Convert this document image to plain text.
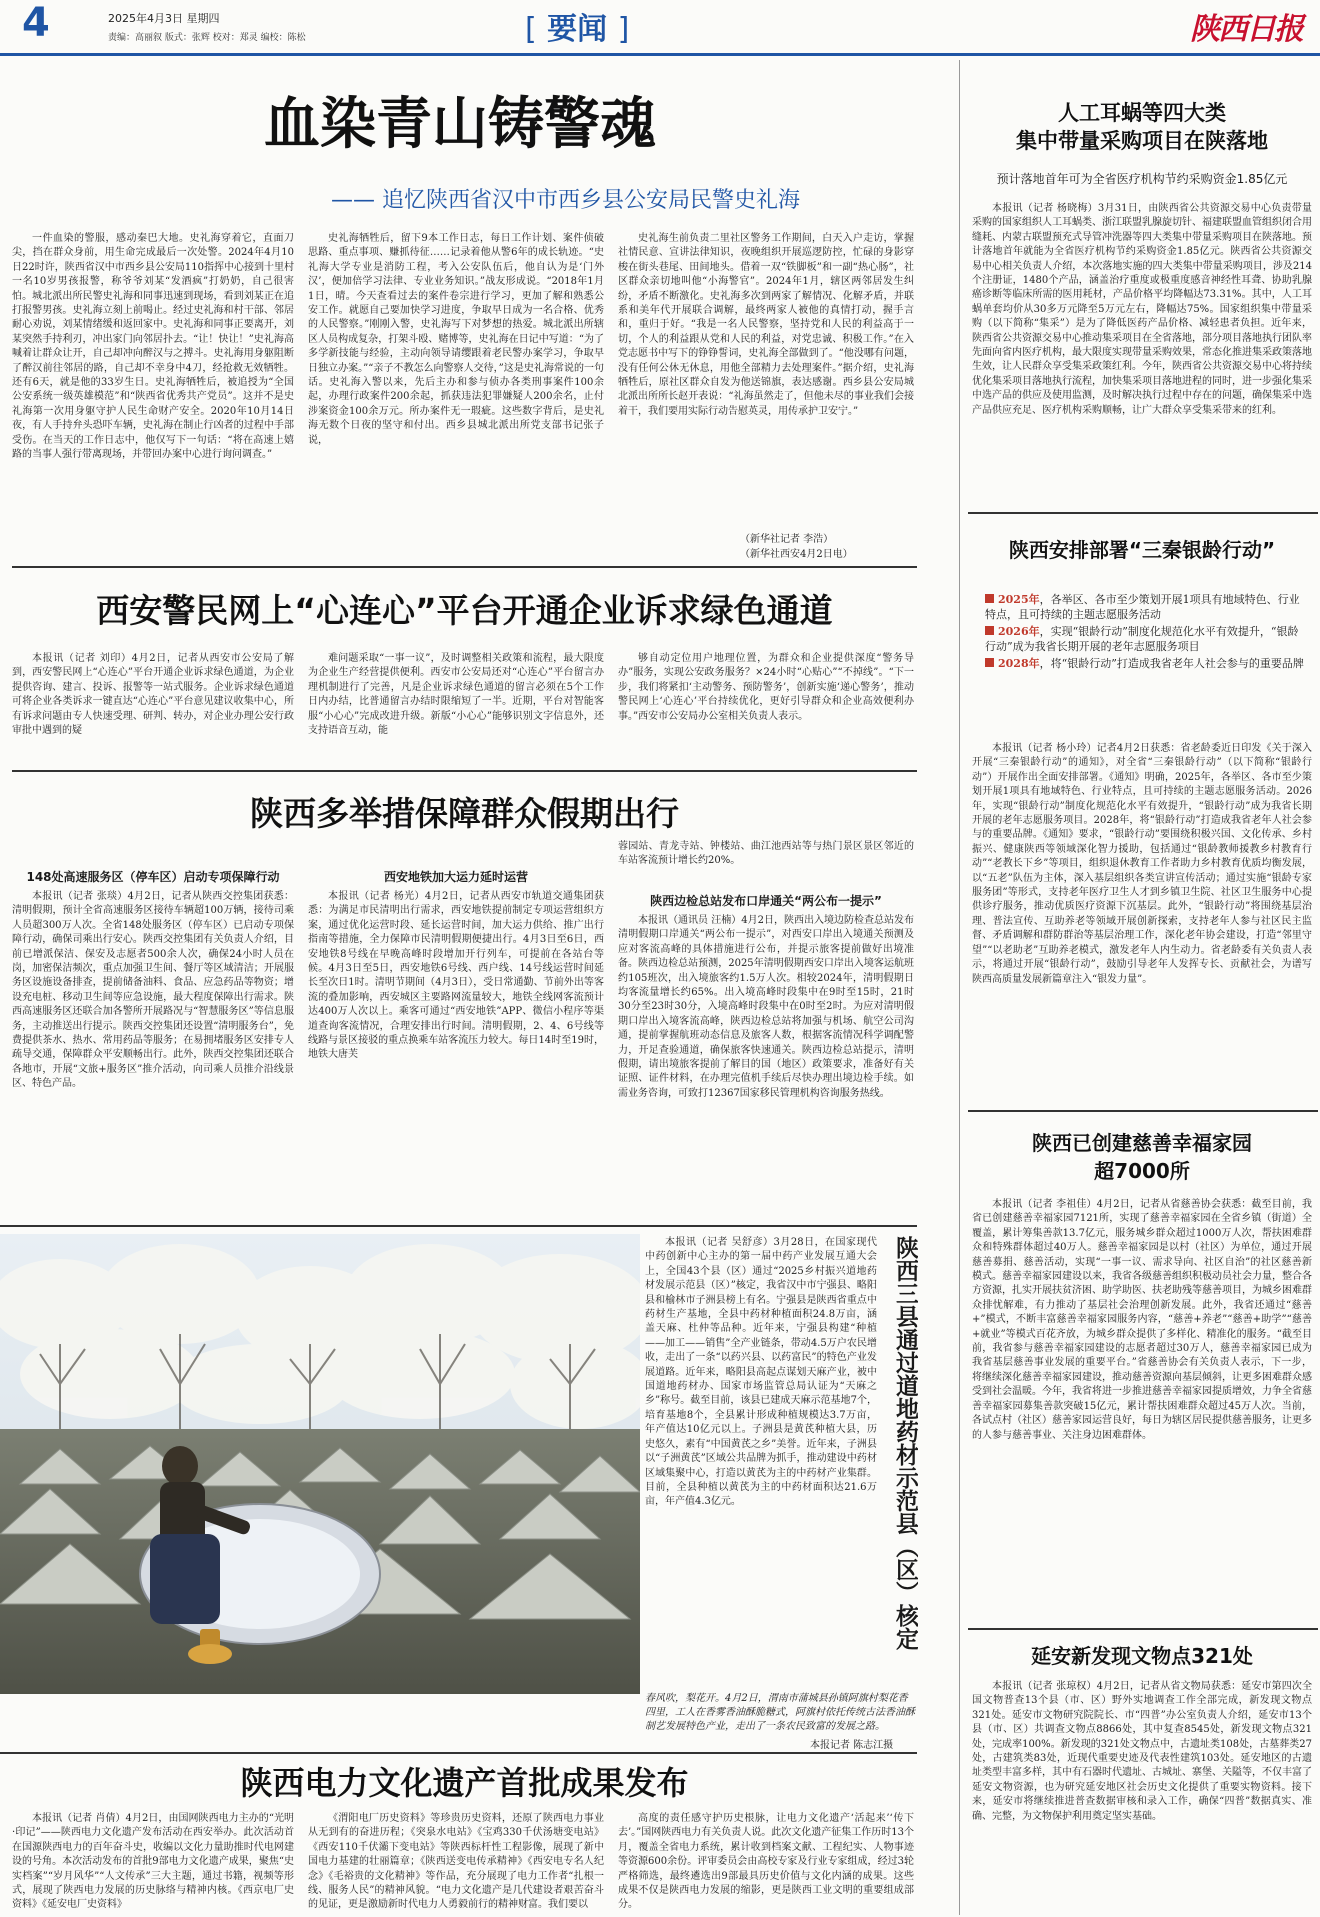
4	2025年4月3日 星期四
责编：高丽叙 版式：张辉 校对：郑灵 编校：陈松	[ 要闻 ]	陕西日报
血染青山铸警魂
—— 追忆陕西省汉中市西乡县公安局民警史礼海

一件血染的警服，感动秦巴大地。史礼海穿着它，直面刀尖，挡在群众身前，用生命完成最后一次处警。2024年4月10日22时许，陕西省汉中市西乡县公安局110指挥中心接到十里村一名10岁男孩报警，称爷爷刘某“发酒疯”打奶奶，自己很害怕。城北派出所民警史礼海和同事迅速到现场，看到刘某正在追打报警男孩。史礼海立刻上前喝止。经过史礼海和村干部、邻居耐心劝说，刘某情绪缓和返回家中。史礼海和同事正要离开，刘某突然手持利刃，冲出家门向邻居扑去。“让！快让！”史礼海高喊着让群众让开，自己却冲向醉汉与之搏斗。史礼海用身躯阻断了醉汉前往邻居的路，自己却不幸身中4刀，经抢救无效牺牲。还有6天，就是他的33岁生日。史礼海牺牲后，被追授为“全国公安系统一级英雄模范”和“陕西省优秀共产党员”。这并不是史礼海第一次用身躯守护人民生命财产安全。2020年10月14日夜，有人手持弁头恐吓车辆，史礼海在制止行凶者的过程中手部受伤。在当天的工作日志中，他仅写下一句话：“将在高速上嬉路的当事人强行带离现场，并带回办案中心进行询问调查。”

史礼海牺牲后，留下9本工作日志，每日工作计划、案件侦破思路、重点事项、赚抓待征……记录着他从警6年的成长轨迹。“史礼海大学专业是消防工程，考入公安队伍后，他自认为是‘门外汉’，便加倍学习法律、专业业务知识。”战友形成说。“2018年1月1日，晴。今天查看过去的案件卷宗进行学习，更加了解和熟悉公安工作。就愿自己要加快学习进度，争取早日成为一名合格、优秀的人民警察。”刚刚入警，史礼海写下对梦想的热爱。城北派出所辖区人员构成复杂，打架斗殴、赌博等，史礼海在日记中写道：“为了多学新技能与经验，主动向领导请缨跟着老民警办案学习，争取早日独立办案。”“亲子不教怎么向警察人交待，”这是史礼海常说的一句话。史礼海入警以来，先后主办和参与侦办各类刑事案件100余起，办理行政案件200余起，抓获违法犯罪嫌疑人200余名，止付涉案资金100余万元。所办案件无一瑕疵。这些数字背后，是史礼海无数个日夜的坚守和付出。西乡县城北派出所党支部书记张子说，

史礼海生前负责二里社区警务工作期间，白天入户走访，掌握社情民意、宣讲法律知识，夜晚组织开展巡逻防控，忙碌的身影穿梭在街头巷尾、田间地头。借着一双“铁脚板”和一副“热心肠”，社区群众亲切地叫他“小海警官”。2024年1月，辖区两邻居发生纠纷，矛盾不断激化。史礼海多次到两家了解情况、化解矛盾，并联系和美年代开展联合调解，最终两家人被他的真情打动，握手言和，重归于好。“我是一名人民警察，坚持党和人民的利益高于一切，个人的利益跟从党和人民的利益，对党忠诚、积极工作。”在入党志愿书中写下的铮铮誓词，史礼海全部做到了。“他没哪有问题，没有任何公休无休息，用他全部精力去处理案件。”据介绍，史礼海牺牲后，原社区群众自发为他送锦旗，表达感谢。西乡县公安局城北派出所所长赵开表说：“礼海虽然走了，但他未尽的事业我们会接着干，我们要用实际行动告慰英灵，用传承护卫安宁。”

（新华社记者 李浩）
（新华社西安4月2日电）
西安警民网上“心连心”平台开通企业诉求绿色通道

本报讯（记者 刘印）4月2日，记者从西安市公安局了解到，西安警民网上“心连心”平台开通企业诉求绿色通道，为企业提供咨询、建言、投诉、报警等一站式服务。企业诉求绿色通道可将企业各类诉求一键直达“心连心”平台意见建议收集中心，所有诉求问题由专人快速受理、研判、转办，对企业办理公安行政审批中遇到的疑

难问题采取“一事一议”，及时调整相关政策和流程，最大限度为企业生产经营提供便利。西安市公安局还对“心连心”平台留言办理机制进行了完善，凡是企业诉求绿色通道的留言必须在5个工作日内办结，比普通留言办结时限缩短了一半。近期，平台对智能客服“小心心”完成改进升级。新版“小心心”能够识别文字信息外，还支持语音互动，能

够自动定位用户地理位置，为群众和企业提供深度“警务导办”服务，实现公安政务服务？×24小时“心贴心”“不掉线”。“下一步，我们将紧扣‘主动警务、预防警务’，创新实施‘递心警务’，推动警民网上‘心连心’平台持续优化，更好引导群众和企业高效便利办事。”西安市公安局办公室相关负责人表示。

陕西多举措保障群众假期出行
148处高速服务区（停车区）启动专项保障行动

本报讯（记者 张琰）4月2日，记者从陕西交控集团获悉：清明假期，预计全省高速服务区接待车辆超100万辆，接待司乘人员超300万人次。全省148处服务区（停车区）已启动专项保障行动，确保司乘出行安心。陕西交控集团有关负责人介绍，目前已增派保洁、保安及志愿者500余人次，确保24小时人员在岗，加密保洁频次，重点加强卫生间、餐厅等区域清洁；开展服务区设施设备排查，提前储备油料、食品、应急药品等物资；增设充电桩、移动卫生间等应急设施，最大程度保障出行需求。陕西高速服务区还联合加各警所开展路况与“智慧服务区”等信息服务，主动推送出行提示。陕西交控集团还设置“清明服务台”，免费提供茶水、热水、常用药品等服务；在易拥堵服务区安排专人疏导交通，保障群众平安顺畅出行。此外，陕西交控集团还联合各地市，开展“文旅+服务区”推介活动，向司乘人员推介沿线景区、特色产品。

西安地铁加大运力延时运营

本报讯（记者 杨光）4月2日，记者从西安市轨道交通集团获悉：为满足市民清明出行需求，西安地铁提前制定专项运营组织方案，通过优化运营时段、延长运营时间，加大运力供给、推广出行指南等措施，全力保障市民清明假期便捷出行。4月3日至6日，西安地铁8号线在早晚高峰时段增加开行列车，可提前在各站台等候。4月3日至5日，西安地铁6号线、西户线、14号线运营时间延长至次日1时。清明节期间（4月3日），受日常通勤、节前外出等客流的叠加影响，西安城区主要路网流量较大，地铁全线网客流预计达400万人次以上。乘客可通过“西安地铁”APP、微信小程序等渠道查询客流情况，合理安排出行时间。清明假期，2、4、6号线等线路与景区接驳的重点换乘车站客流压力较大。每日14时至19时，地铁大唐芙

蓉园站、青龙寺站、钟楼站、曲江池西站等与热门景区景区邻近的车站客流预计增长约20%。

陕西边检总站发布口岸通关“两公布一提示”

本报讯（通讯员 汪楠）4月2日，陕西出入境边防检查总站发布清明假期口岸通关“两公布一提示”，对西安口岸出入境通关预测及应对客流高峰的具体措施进行公布，并提示旅客提前做好出境准备。陕西边检总站预测，2025年清明假期西安口岸出入境客运航班约105班次，出入境旅客约1.5万人次。相较2024年，清明假期日均客流量增长约65%。出入境高峰时段集中在9时至15时，21时30分至23时30分，入境高峰时段集中在0时至2时。为应对清明假期口岸出入境客流高峰，陕西边检总站将加强与机场、航空公司沟通，提前掌握航班动态信息及旅客人数，根据客流情况科学调配警力，开足查验通道，确保旅客快速通关。陕西边检总站提示，清明假期，请出境旅客提前了解目的国（地区）政策要求，准备好有关证照、证件材料，在办理完值机手续后尽快办理出境边检手续。如需业务咨询，可致打12367国家移民管理机构咨询服务热线。

陕西三县通过道地药材示范县（区）核定

本报讯（记者 吴舒彦）3月28日，在国家现代中药创新中心主办的第一届中药产业发展互通大会上，全国43个县（区）通过“2025乡村振兴道地药材发展示范县（区）”核定，我省汉中市宁强县、略阳县和榆林市子洲县榜上有名。宁强县是陕西省重点中药材生产基地，全县中药材种植面积24.8万亩，涵盖天麻、杜仲等品种。近年来，宁强县构建“种植——加工——销售”全产业链条，带动4.5万户农民增收，走出了一条“以药兴县、以药富民”的特色产业发展道路。近年来，略阳县高起点谋划天麻产业，被中国道地药材办、国家市场监管总局认证为“天麻之乡”称号。截至目前，该县已建成天麻示范基地7个，培育基地8个，全县累计形成种植规模达3.7万亩，年产值达10亿元以上。子洲县是黄芪种植大县，历史悠久，素有“中国黄芪之乡”美誉。近年来，子洲县以“子洲黄芪”区域公共品牌为抓手，推动建设中药材区域集聚中心，打造以黄芪为主的中药材产业集群。目前，全县种植以黄芪为主的中药材面积达21.6万亩，年产值4.3亿元。

春风吹，梨花开。4月2日，渭南市蒲城县孙镇阿旗村梨花香四里，工人在香雾香油酥脆糖式，阿旗村依托传统古法香油酥制艺发展特色产业，走出了一条农民致富的发展之路。
本报记者 陈志江摄
陕西电力文化遗产首批成果发布

本报讯（记者 肖倩）4月2日，由国网陕西电力主办的“光明·印记”——陕西电力文化遗产发布活动在西安举办。此次活动首在国源陕西电力的百年奋斗史，收编以文化力量助推时代电网建设的号角。本次活动发布的首批9部电力文化遗产成果，聚焦“史实档案”“岁月风华”“人文传承”三大主题，通过书籍，视频等形式，展现了陕西电力发展的历史脉络与精神内核。《西京电厂史资料》《延安电厂史资料》

《渭阳电厂历史资料》等珍贵历史资料，还原了陕西电力事业从无到有的奋进历程；《突泉水电站》《宝鸡330千伏汤塘变电站》《西安110千伏灞下变电站》等陕西标杆性工程影像，展现了新中国电力基建的壮丽篇章；《陕西送变电传承精神》《西安电专名人纪念》《毛裕贵的文化精神》等作品，充分展现了电力工作者“扎根一线、服务人民”的精神风貌。“电力文化遗产是几代建设者艰苦奋斗的见证，更是激励新时代电力人勇毅前行的精神财富。我们要以

高度的责任感守护历史根脉，让电力文化遗产‘活起来’‘传下去’。”国网陕西电力有关负责人说。此次文化遗产征集工作历时13个月，覆盖全省电力系统，累计收到档案文献、工程纪实、人物事迹等资源600余份。评审委员会由高校专家及行业专家组成，经过3轮严格筛选，最终遴选出9部最具历史价值与文化内涵的成果。这些成果不仅是陕西电力发展的缩影，更是陕西工业文明的重要组成部分。

人工耳蜗等四大类
集中带量采购项目在陕落地
预计落地首年可为全省医疗机构节约采购资金1.85亿元

本报讯（记者 杨晓梅）3月31日，由陕西省公共资源交易中心负责带量采购的国家组织人工耳蜗类、浙江联盟乳腺旋切针、福建联盟血管组织闭合用缝耗、内蒙古联盟预充式导管冲洗器等四大类集中带量采购项目在陕落地。预计落地首年就能为全省医疗机构节约采购资金1.85亿元。陕西省公共资源交易中心相关负责人介绍，本次落地实施的四大类集中带量采购项目，涉及214个注册证，1480个产品，涵盖治疗重度或极重度感音神经性耳聋、协助乳腺癌诊断等临床所需的医用耗材，产品价格平均降幅达73.31%。其中，人工耳蜗单套均价从30多万元降至5万元左右，降幅达75%。国家组织集中带量采购（以下简称“集采”）是为了降低医药产品价格、减轻患者负担。近年来，陕西省公共资源交易中心推动集采项目在全省落地，部分项目落地执行团队率先面向省内医疗机构，最大限度实现带量采购效果，常态化推进集采政策落地生效，让人民群众享受集采政策红利。今年，陕西省公共资源交易中心将持续优化集采项目落地执行流程，加快集采项目落地进程的同时，进一步强化集采中选产品的供应及使用监测，及时解决执行过程中存在的问题，确保集采中选产品供应充足、医疗机构采购顺畅，让广大群众享受集采带来的红利。

陕西安排部署“三秦银龄行动”

2025年，各举区、各市至少策划开展1项具有地域特色、行业特点，且可持续的主题志愿服务活动

2026年，实现“银龄行动”制度化规范化水平有效提升，“银龄行动”成为我省长期开展的老年志愿服务项目

2028年，将“银龄行动”打造成我省老年人社会参与的重要品牌

本报讯（记者 杨小玲）记者4月2日获悉：省老龄委近日印发《关于深入开展“三秦银龄行动”的通知》，对全省“三秦银龄行动”（以下简称“银龄行动”）开展作出全面安排部署。《通知》明确，2025年，各举区、各市至少策划开展1项具有地域特色、行业特点，且可持续的主题志愿服务活动。2026年，实现“银龄行动”制度化规范化水平有效提升，“银龄行动”成为我省长期开展的老年志愿服务项目。2028年，将“银龄行动”打造成我省老年人社会参与的重要品牌。《通知》要求，“银龄行动”要围绕积极兴国、文化传承、乡村振兴、健康陕西等领域深化智力援助，包括通过“银龄教师援教乡村教育行动”“老教长下乡”等项目，组织退休教育工作者助力乡村教育优质均衡发展，以“五老”队伍为主体，深入基层组织各类宣讲宣传活动；通过实施“银龄专家服务团”等形式，支持老年医疗卫生人才到乡镇卫生院、社区卫生服务中心提供诊疗服务，推动优质医疗资源下沉基层。此外，“银龄行动”将围绕基层治理、普法宣传、互助养老等领域开展创新探索，支持老年人参与社区民主监督、矛盾调解和群防群治等基层治理工作，深化老年协会建设，打造“邻里守望”“以老助老”互助养老模式，激发老年人内生动力。省老龄委有关负责人表示，将通过开展“银龄行动”，鼓励引导老年人发挥专长、贡献社会，为谱写陕西高质量发展新篇章注入“银发力量”。

陕西已创建慈善幸福家园
超7000所

本报讯（记者 李祖佳）4月2日，记者从省慈善协会获悉：截至目前，我省已创建慈善幸福家园7121所，实现了慈善幸福家园在全省乡镇（街道）全覆盖，累计筹集善款13.7亿元，服务城乡群众超过1000万人次，帮扶困难群众和特殊群体超过40万人。慈善幸福家园是以村（社区）为单位，通过开展慈善募捐、慈善活动，实现“一事一议、需求导向、社区自治”的社区慈善新模式。慈善幸福家园建设以来，我省各级慈善组织积极动员社会力量，整合各方资源，扎实开展扶贫济困、助学助医、扶老助残等慈善项目，为城乡困难群众排忧解难，有力推动了基层社会治理创新发展。此外，我省还通过“慈善+”模式，不断丰富慈善幸福家园服务内容，“慈善+养老”“慈善+助学”“慈善+就业”等模式百花齐放，为城乡群众提供了多样化、精准化的服务。“截至目前，我省参与慈善幸福家园建设的志愿者超过30万人，慈善幸福家园已成为我省基层慈善事业发展的重要平台。”省慈善协会有关负责人表示，下一步，将继续深化慈善幸福家园建设，推动慈善资源向基层倾斜，让更多困难群众感受到社会温暖。今年，我省将进一步推进慈善幸福家园提质增效，力争全省慈善幸福家园募集善款突破15亿元，累计帮扶困难群众超过45万人次。当前，各试点村（社区）慈善家园运营良好，每日为辖区居民提供慈善服务，让更多的人参与慈善事业、关注身边困难群体。

延安新发现文物点321处

本报讯（记者 张琼权）4月2日，记者从省文物局获悉：延安市第四次全国文物普查13个县（市、区）野外实地调查工作全部完成，新发现文物点321处。延安市文物研究院院长、市“四普”办公室负责人介绍，延安市13个县（市、区）共调查文物点8866处，其中复查8545处，新发现文物点321处，完成率100%。新发现的321处文物点中，古遗址类108处，古墓葬类27处，古建筑类83处，近现代重要史迹及代表性建筑103处。延安地区的古遗址类型丰富多样，其中有石器时代遗址、古城址、寨堡、关隘等，不仅丰富了延安文物资源，也为研究延安地区社会历史文化提供了重要实物资料。接下来，延安市将继续推进普查数据审核和录入工作，确保“四普”数据真实、准确、完整，为文物保护利用奠定坚实基础。
